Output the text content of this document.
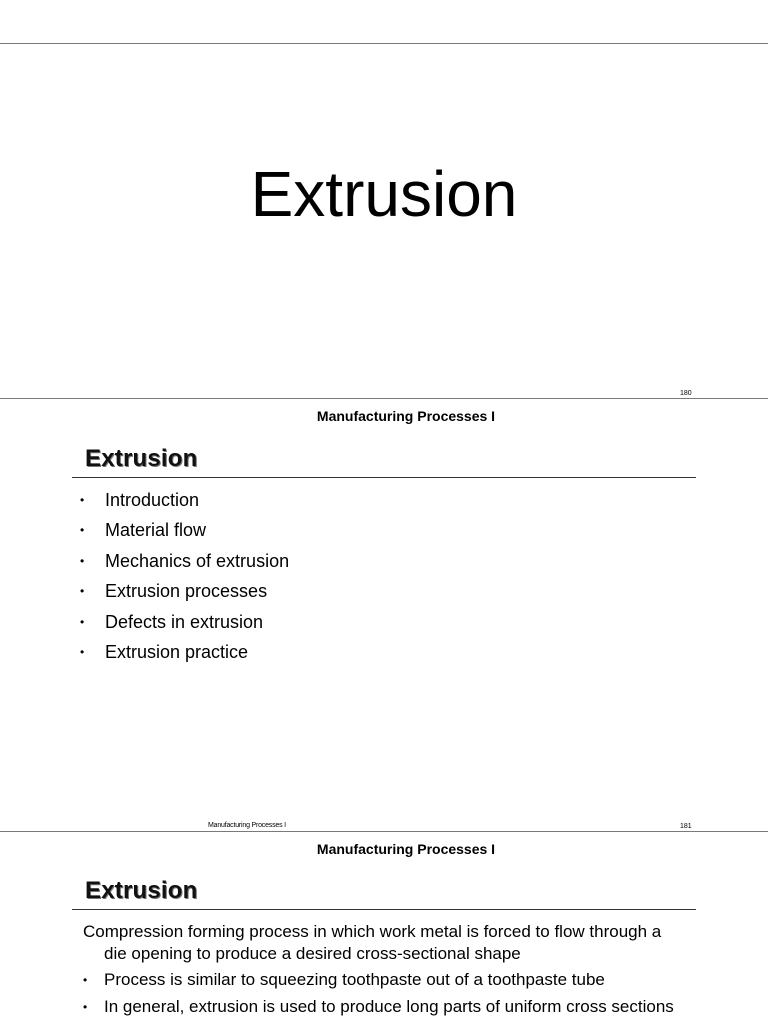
Extrusion
180
Manufacturing Processes I
Extrusion
• Introduction
• Material flow
• Mechanics of extrusion
• Extrusion processes
• Defects in extrusion
• Extrusion practice
Manufacturing Processes I	181
Manufacturing Processes I
Extrusion
Compression forming process in which work metal is forced to flow through a
die opening to produce a desired cross-sectional shape
• Process is similar to squeezing toothpaste out of a toothpaste tube
• In general, extrusion is used to produce long parts of uniform cross sections
